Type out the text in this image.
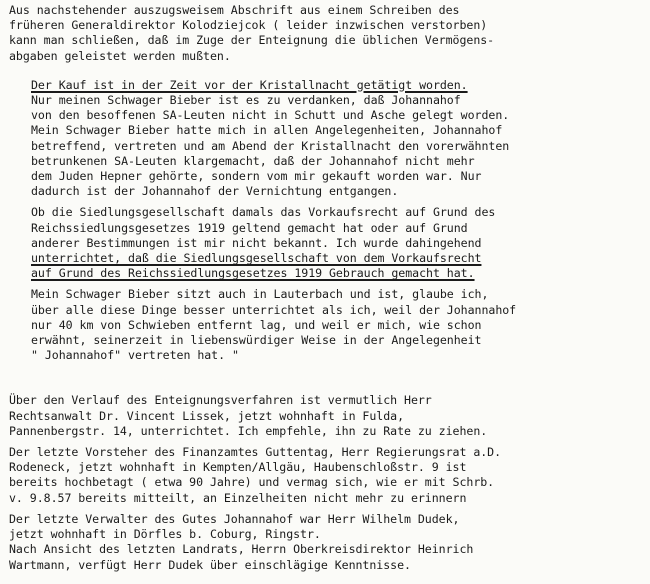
Aus nachstehender auszugsweisem Abschrift aus einem Schreiben des
früheren Generaldirektor Kolodziejcok ( leider inzwischen verstorben)
kann man schließen, daß im Zuge der Enteignung die üblichen Vermögens-
abgaben geleistet werden mußten.
Der Kauf ist in der Zeit vor der Kristallnacht getätigt worden.
Nur meinen Schwager Bieber ist es zu verdanken, daß Johannahof
von den besoffenen SA-Leuten nicht in Schutt und Asche gelegt worden.
Mein Schwager Bieber hatte mich in allen Angelegenheiten, Johannahof
betreffend, vertreten und am Abend der Kristallnacht den vorerwähnten
betrunkenen SA-Leuten klargemacht, daß der Johannahof nicht mehr
dem Juden Hepner gehörte, sondern vom mir gekauft worden war. Nur
dadurch ist der Johannahof der Vernichtung entgangen.
Ob die Siedlungsgesellschaft damals das Vorkaufsrecht auf Grund des
Reichssiedlungsgesetzes 1919 geltend gemacht hat oder auf Grund
anderer Bestimmungen ist mir nicht bekannt. Ich wurde dahingehend
unterrichtet, daß die Siedlungsgesellschaft von dem Vorkaufsrecht
auf Grund des Reichssiedlungsgesetzes 1919 Gebrauch gemacht hat.
Mein Schwager Bieber sitzt auch in Lauterbach und ist, glaube ich,
über alle diese Dinge besser unterrichtet als ich, weil der Johannahof
nur 40 km von Schwieben entfernt lag, und weil er mich, wie schon
erwähnt, seinerzeit in liebenswürdiger Weise in der Angelegenheit
" Johannahof" vertreten hat. "
Über den Verlauf des Enteignungsverfahren ist vermutlich Herr
Rechtsanwalt Dr. Vincent Lissek, jetzt wohnhaft in Fulda,
Pannenbergstr. 14, unterrichtet. Ich empfehle, ihn zu Rate zu ziehen.
Der letzte Vorsteher des Finanzamtes Guttentag, Herr Regierungsrat a.D.
Rodeneck, jetzt wohnhaft in Kempten/Allgäu, Haubenschloßstr. 9 ist
bereits hochbetagt ( etwa 90 Jahre) und vermag sich, wie er mit Schrb.
v. 9.8.57 bereits mitteilt, an Einzelheiten nicht mehr zu erinnern
Der letzte Verwalter des Gutes Johannahof war Herr Wilhelm Dudek,
jetzt wohnhaft in Dörfles b. Coburg, Ringstr.
Nach Ansicht des letzten Landrats, Herrn Oberkreisdirektor Heinrich
Wartmann, verfügt Herr Dudek über einschlägige Kenntnisse.
